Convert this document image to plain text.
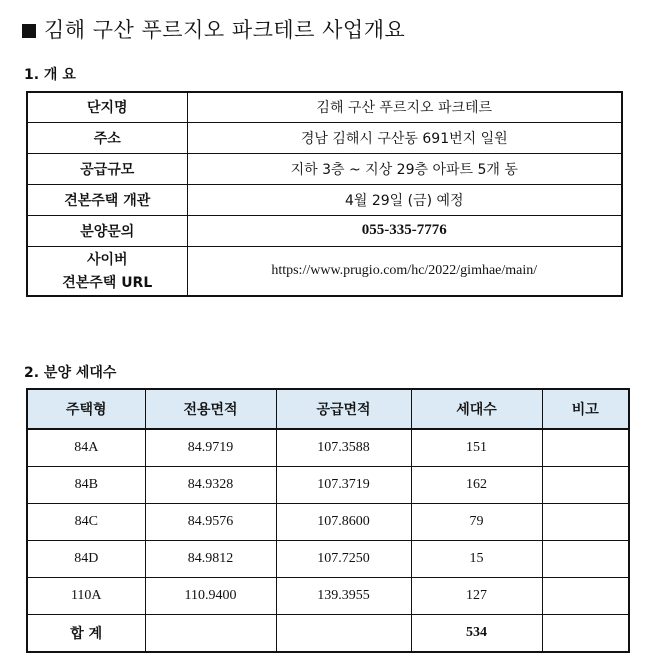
김해 구산 푸르지오 파크테르 사업개요
1. 개 요
단지명	김해 구산 푸르지오 파크테르
주소	경남 김해시 구산동 691번지 일원
공급규모	지하 3층 ~ 지상 29층 아파트 5개 동
견본주택 개관	4월 29일 (금) 예정
분양문의	055-335-7776

사이버
견본주택 URL	https://www.prugio.com/hc/2022/gimhae/main/
2. 분양 세대수
주택형	전용면적	공급면적	세대수	비고
84A	84.9719	107.3588	151	
84B	84.9328	107.3719	162	
84C	84.9576	107.8600	79	
84D	84.9812	107.7250	15	
110A	110.9400	139.3955	127	
합 계			534	
